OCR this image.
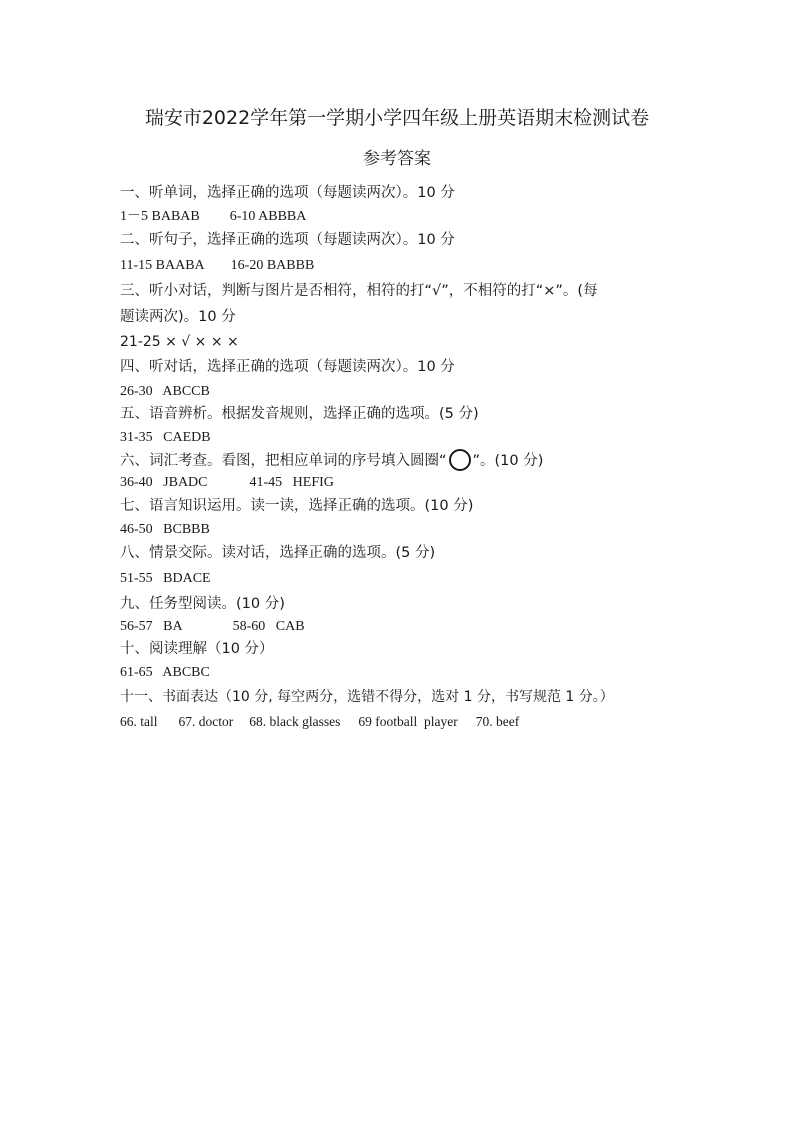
瑞安市2022学年第一学期小学四年级上册英语期末检测试卷
参考答案
一、听单词，选择正确的选项（每题读两次）。10 分
1－5 BABAB 6-10 ABBBA
二、听句子，选择正确的选项（每题读两次）。10 分
11-15 BAABA 16-20 BABBB
三、听小对话，判断与图片是否相符，相符的打“√”，不相符的打“×”。(每
题读两次)。10 分
21-25 × √ × × ×
四、听对话，选择正确的选项（每题读两次）。10 分
26-30   ABCCB
五、语音辨析。根据发音规则，选择正确的选项。(5 分)
31-35   CAEDB
六、词汇考查。看图，把相应单词的序号填入圆圈“ ”。(10 分)
36-40   JBADC	41-45   HEFIG
七、语言知识运用。读一读，选择正确的选项。(10 分)
46-50   BCBBB
八、情景交际。读对话，选择正确的选项。(5 分)
51-55   BDACE
九、任务型阅读。(10 分)
56-57   BA	58-60   CAB
十、阅读理解（10 分）
61-65   ABCBC
十一、书面表达（10 分, 每空两分，选错不得分，选对 1 分，书写规范 1 分。）
66. tall 67. doctor 68. black glasses 69 football  player 70. beef
